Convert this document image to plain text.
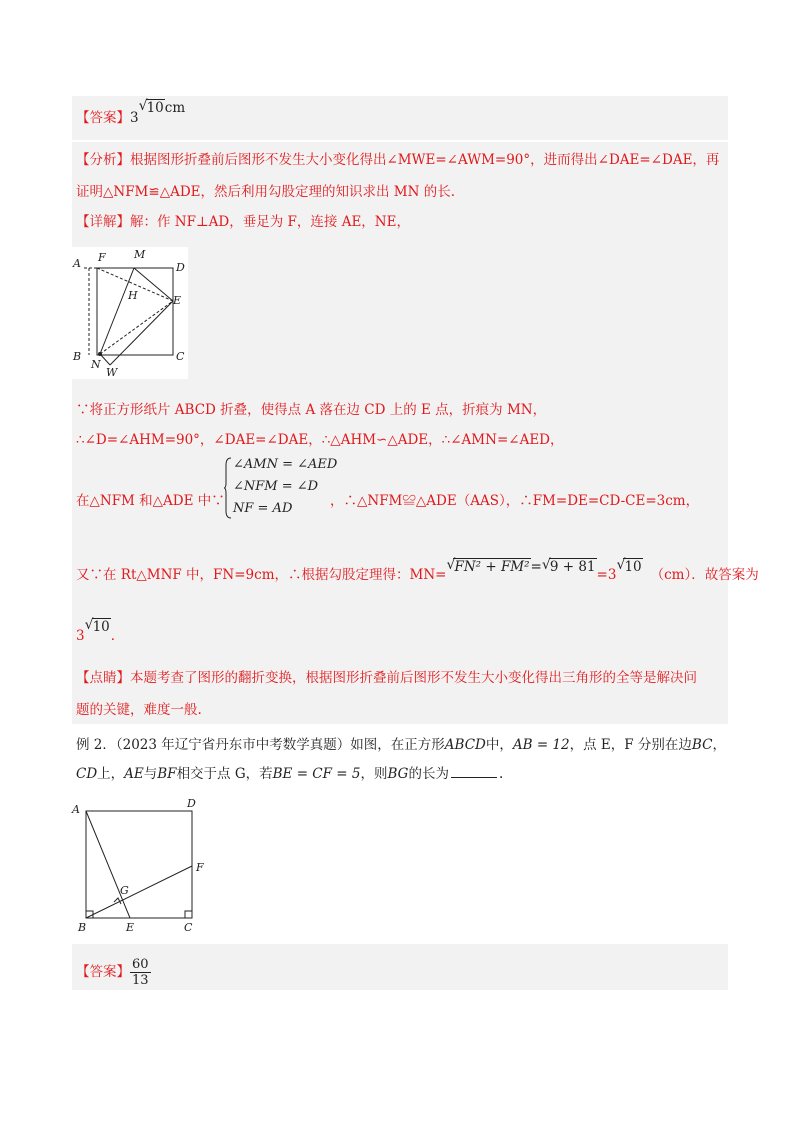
【答案】3√ 10cm
【分析】根据图形折叠前后图形不发生大小变化得出∠MWE=∠AWM=90°，进而得出∠DAE=∠DAE，再
证明△NFM≌△ADE，然后利用勾股定理的知识求出 MN 的长.
【详解】解：作 NF⊥AD，垂足为 F，连接 AE，NE，
A F	M
D
H	E
B
N
W
C
∵将正方形纸片 ABCD 折叠，使得点 A 落在边 CD 上的 E 点，折痕为 MN，
∴∠D=∠AHM=90°，∠DAE=∠DAE，∴△AHM∽△ADE，∴∠AMN=∠AED，
在△NFM 和△ADE 中∵
∠AMN = ∠AED
∠NFM = ∠D
NF = AD	，∴△NFM≌△ADE（AAS），∴FM=DE=CD-CE=3cm，
又∵在 Rt△MNF 中，FN=9cm，∴根据勾股定理得：MN= √ FN² + FM²= √ 9 + 81=3 √ 10 （cm）．故答案为
3√ 10．
【点睛】本题考查了图形的翻折变换，根据图形折叠前后图形不发生大小变化得出三角形的全等是解决问
题的关键，难度一般.
例 2．（2023 年辽宁省丹东市中考数学真题）如图，在正方形ABCD中，AB = 12，点 E，F 分别在边BC，
CD上，AE与BF相交于点 G，若BE = CF = 5，则BG的长为	.
A	D
F
G
B	E	C
【答案】 $\frac{60}{13}$
